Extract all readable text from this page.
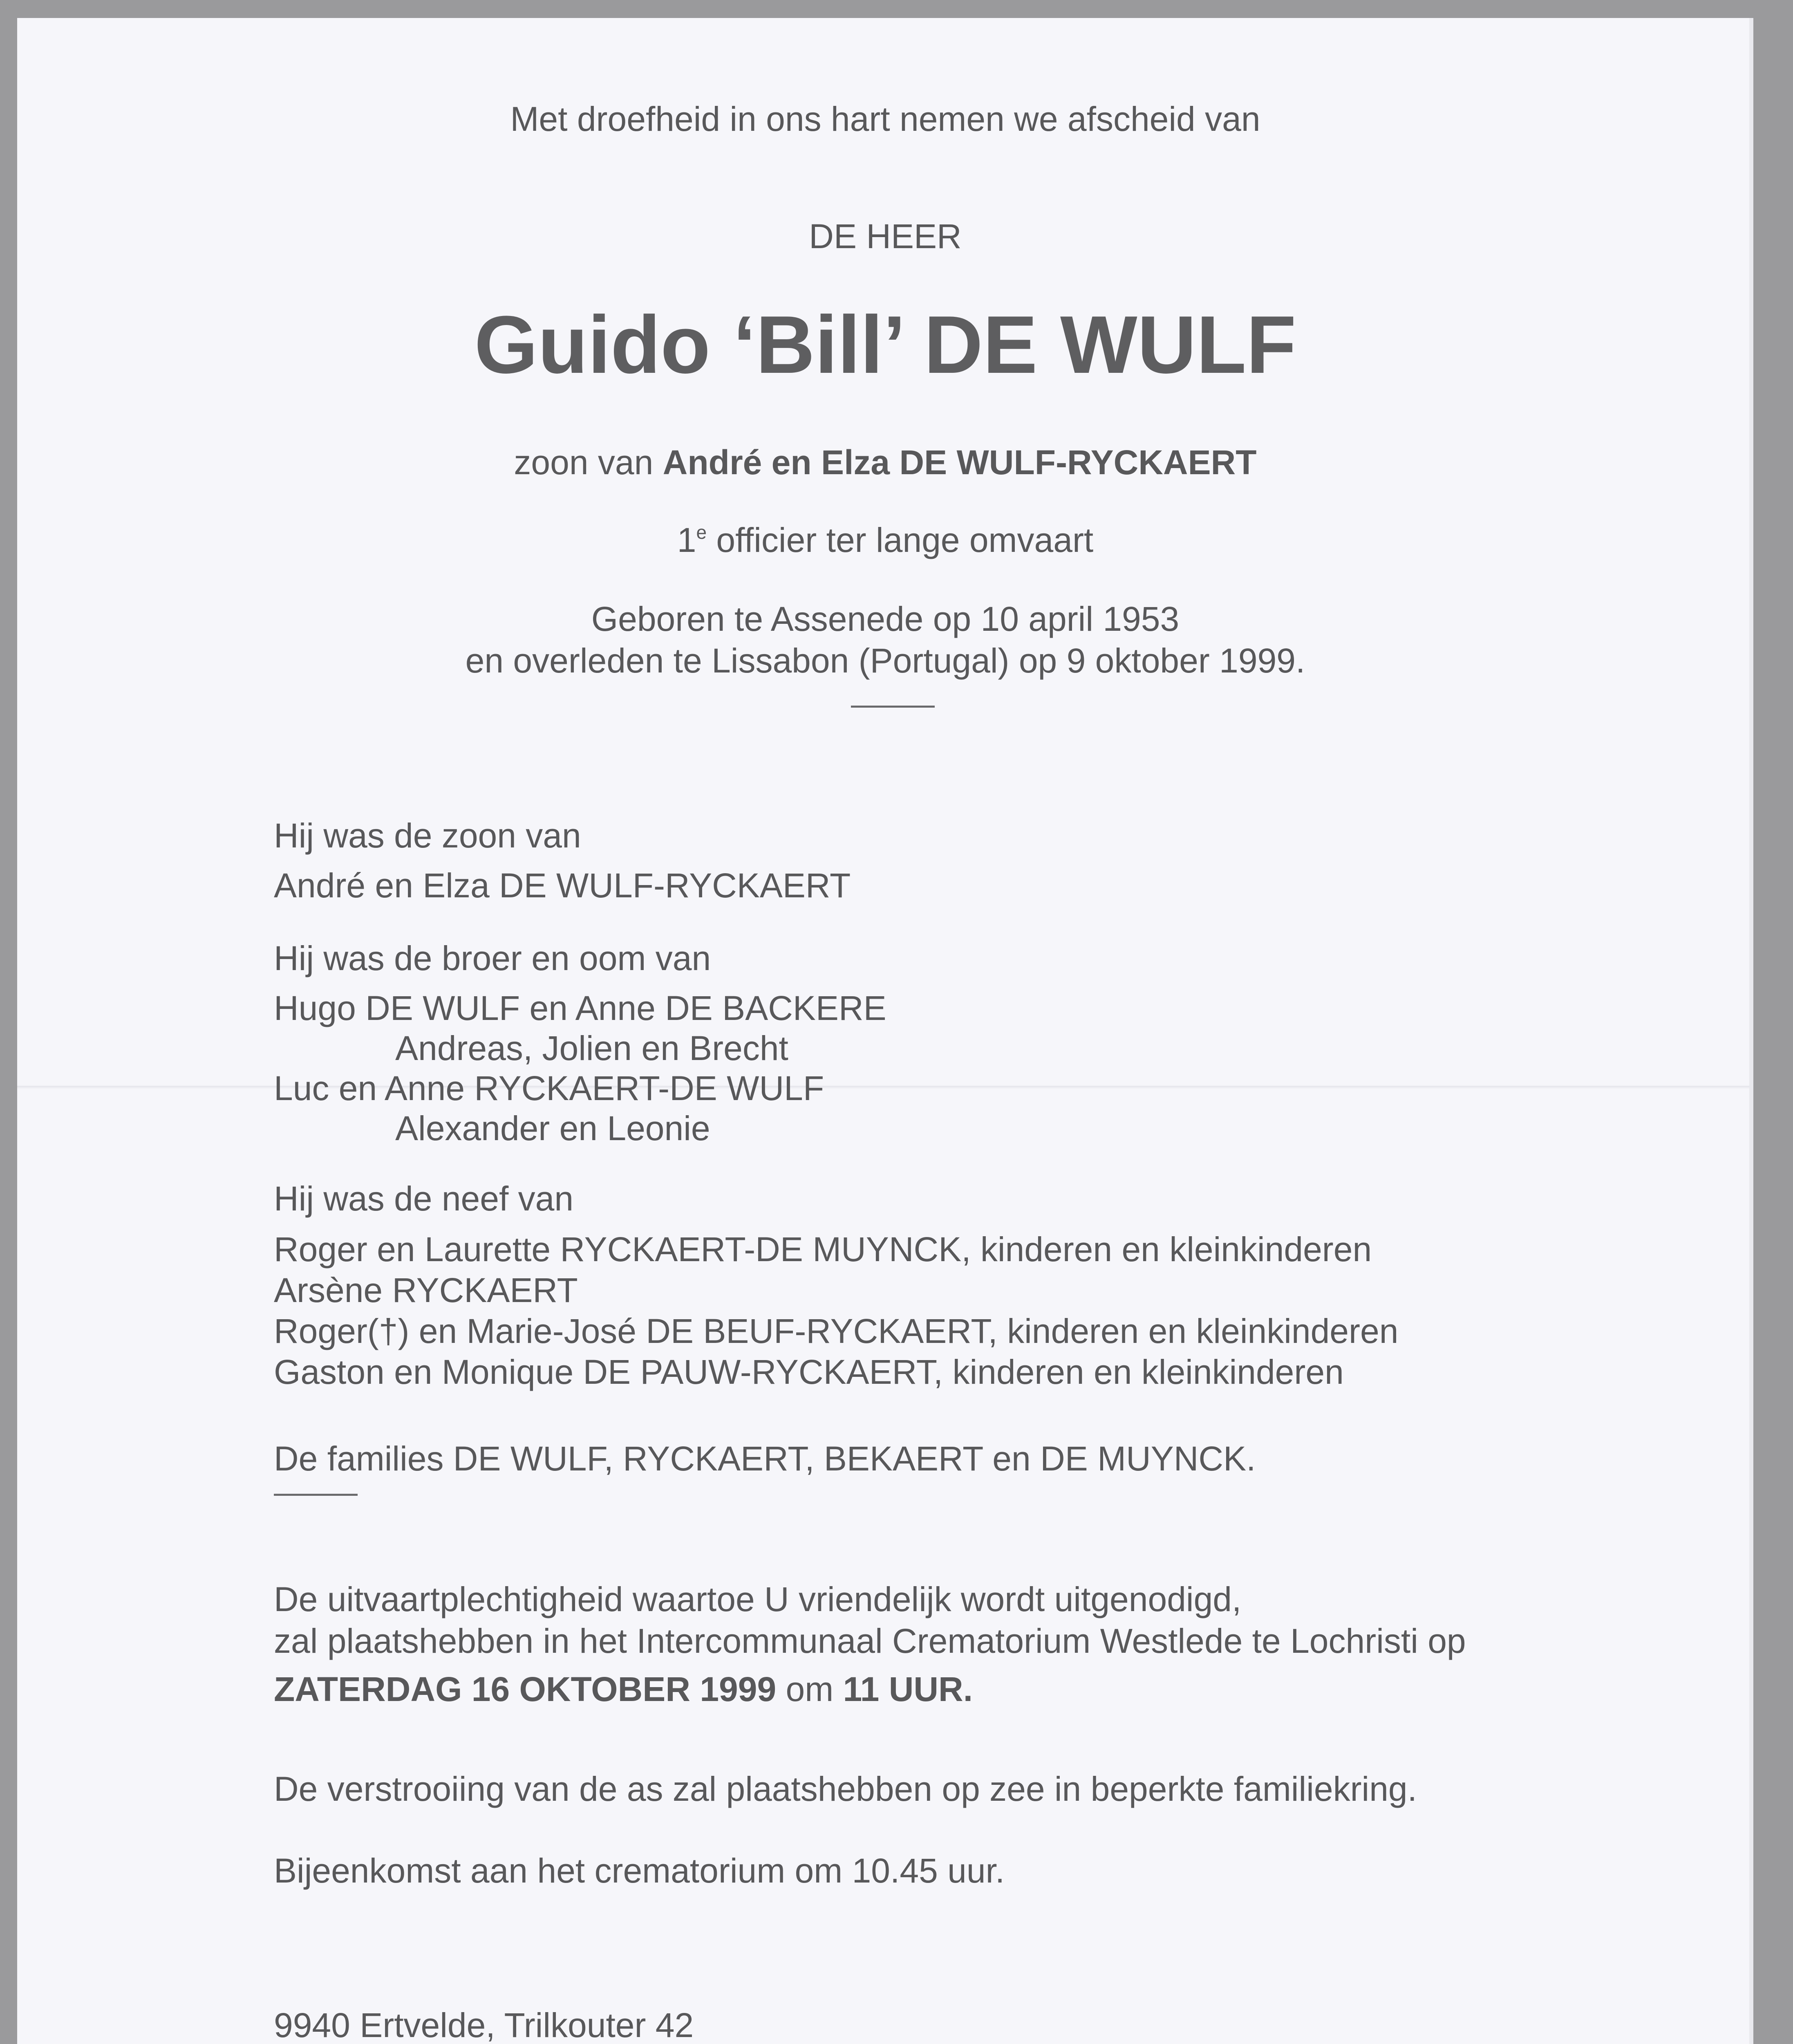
Met droefheid in ons hart nemen we afscheid van
DE HEER
Guido ‘Bill’ DE WULF
zoon van André en Elza DE WULF-RYCKAERT
1e officier ter lange omvaart
Geboren te Assenede op 10 april 1953
en overleden te Lissabon (Portugal) op 9 oktober 1999.
Hij was de zoon van
André en Elza DE WULF-RYCKAERT
Hij was de broer en oom van
Hugo DE WULF en Anne DE BACKERE
Andreas, Jolien en Brecht
Luc en Anne RYCKAERT-DE WULF
Alexander en Leonie
Hij was de neef van
Roger en Laurette RYCKAERT-DE MUYNCK, kinderen en kleinkinderen
Arsène RYCKAERT
Roger(†) en Marie-José DE BEUF-RYCKAERT, kinderen en kleinkinderen
Gaston en Monique DE PAUW-RYCKAERT, kinderen en kleinkinderen
De families DE WULF, RYCKAERT, BEKAERT en DE MUYNCK.
De uitvaartplechtigheid waartoe U vriendelijk wordt uitgenodigd,
zal plaatshebben in het Intercommunaal Crematorium Westlede te Lochristi op
ZATERDAG 16 OKTOBER 1999 om 11 UUR.
De verstrooiing van de as zal plaatshebben op zee in beperkte familiekring.
Bijeenkomst aan het crematorium om 10.45 uur.
9940 Ertvelde, Trilkouter 42
